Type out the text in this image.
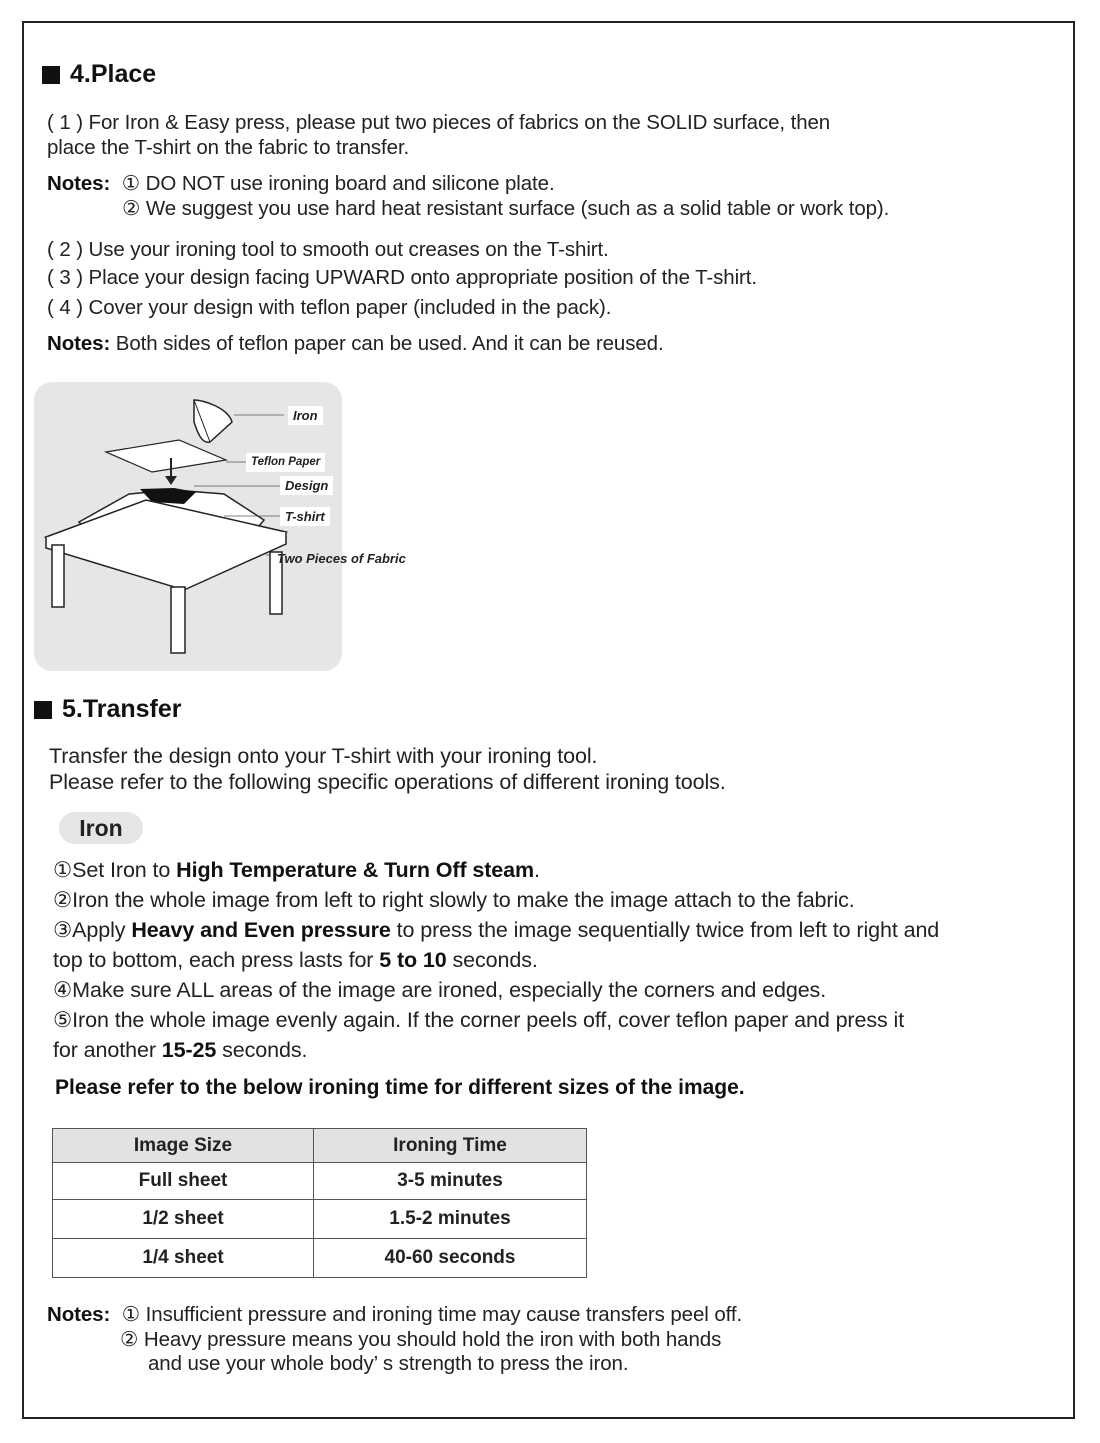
4.Place
( 1 ) For Iron & Easy press, please put two pieces of fabrics on the SOLID surface, then
place the T-shirt on the fabric to transfer.
Notes: ① DO NOT use ironing board and silicone plate.
② We suggest you use hard heat resistant surface (such as a solid table or work top).
( 2 ) Use your ironing tool to smooth out creases on the T-shirt.
( 3 ) Place your design facing UPWARD onto appropriate position of the T-shirt.
( 4 ) Cover your design with teflon paper (included in the pack).
Notes: Both sides of teflon paper can be used. And it can be reused.
Iron
Teflon Paper
Design
T-shirt
Two Pieces of Fabric
5.Transfer
Transfer the design onto your T-shirt with your ironing tool.
Please refer to the following specific operations of different ironing tools.
Iron
①Set Iron to High Temperature & Turn Off steam.
②Iron the whole image from left to right slowly to make the image attach to the fabric.
③Apply Heavy and Even pressure to press the image sequentially twice from left to right and
top to bottom, each press lasts for 5 to 10 seconds.
④Make sure ALL areas of the image are ironed, especially the corners and edges.
⑤Iron the whole image evenly again. If the corner peels off, cover teflon paper and press it
for another 15-25 seconds.
Please refer to the below ironing time for different sizes of the image.
Image Size	Ironing Time
Full sheet	3-5 minutes
1/2 sheet	1.5-2 minutes
1/4 sheet	40-60 seconds
Notes: ① Insufficient pressure and ironing time may cause transfers peel off.
② Heavy pressure means you should hold the iron with both hands
and use your whole body’ s strength to press the iron.
